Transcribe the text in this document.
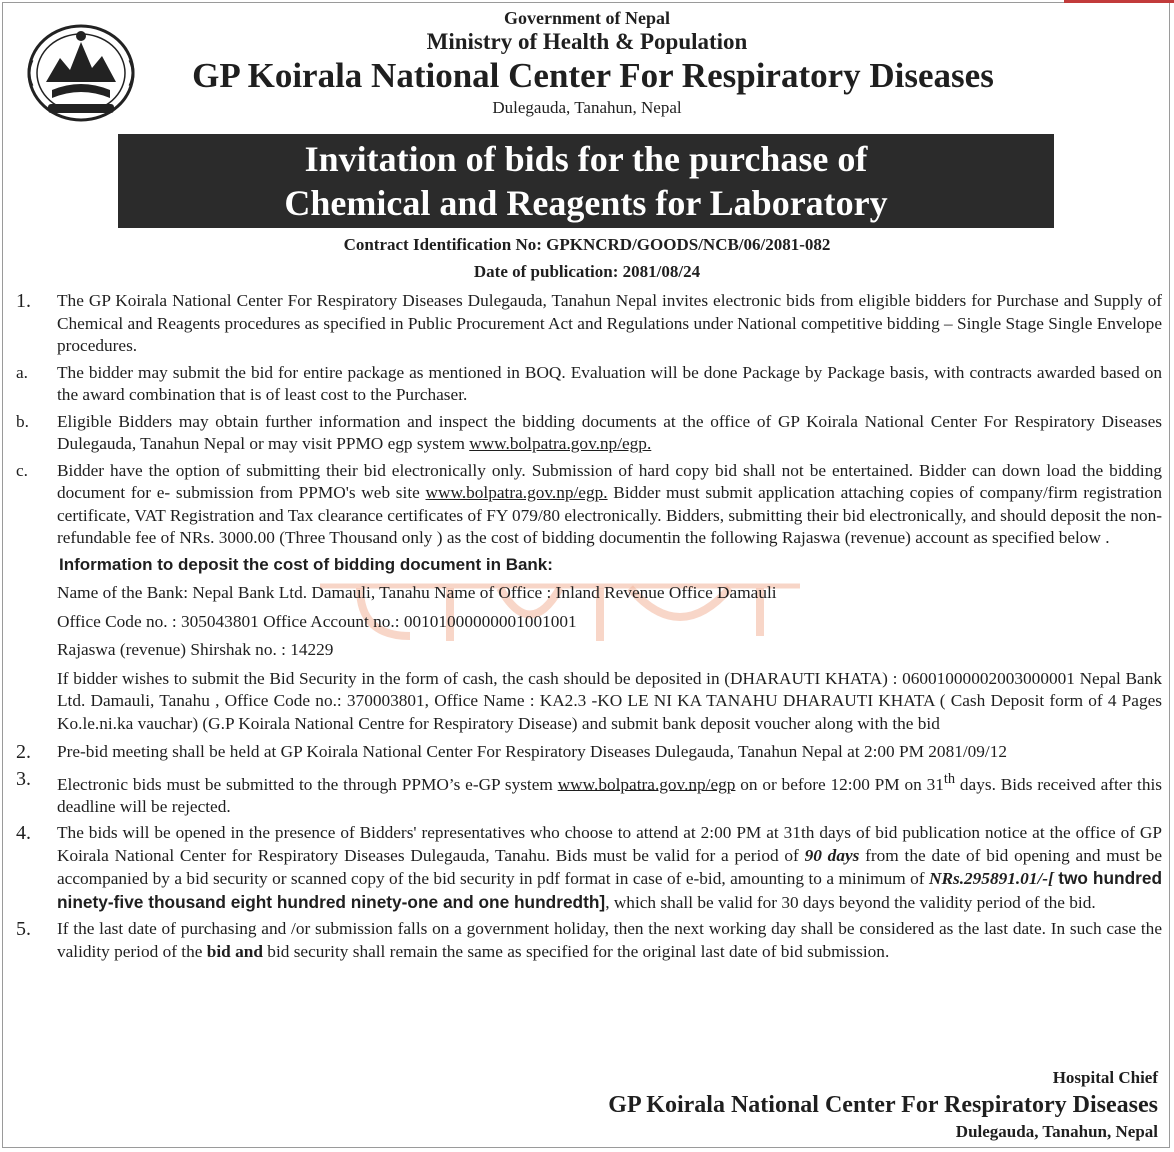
Government of Nepal
Ministry of Health & Population
GP Koirala National Center For Respiratory Diseases
Dulegauda, Tanahun, Nepal
Invitation of bids for the purchase of
Chemical and Reagents for Laboratory
Contract Identification No: GPKNCRD/GOODS/NCB/06/2081-082
Date of publication: 2081/08/24
1.	The GP Koirala National Center For Respiratory Diseases Dulegauda, Tanahun Nepal invites electronic bids from eligible bidders for Purchase and Supply of Chemical and Reagents procedures as specified in Public Procurement Act and Regulations under National competitive bidding – Single Stage Single Envelope procedures.
a.	The bidder may submit the bid for entire package as mentioned in BOQ. Evaluation will be done Package by Package basis, with contracts awarded based on the award combination that is of least cost to the Purchaser.
b.	Eligible Bidders may obtain further information and inspect the bidding documents at the office of GP Koirala National Center For Respiratory Diseases Dulegauda, Tanahun Nepal or may visit PPMO egp system www.bolpatra.gov.np/egp.
c.	Bidder have the option of submitting their bid electronically only. Submission of hard copy bid shall not be entertained. Bidder can down load the bidding document for e- submission from PPMO's web site www.bolpatra.gov.np/egp. Bidder must submit application attaching copies of company/firm registration certificate, VAT Registration and Tax clearance certificates of FY 079/80 electronically. Bidders, submitting their bid electronically, and should deposit the non- refundable fee of NRs. 3000.00 (Three Thousand only ) as the cost of bidding documentin the following Rajaswa (revenue) account as specified below .
Information to deposit the cost of bidding document in Bank:
Name of the Bank: Nepal Bank Ltd. Damauli, Tanahu Name of Office : Inland Revenue Office Damauli
Office Code no. : 305043801 Office Account no.: 00101000000001001001
Rajaswa (revenue) Shirshak no. : 14229
If bidder wishes to submit the Bid Security in the form of cash, the cash should be deposited in (DHARAUTI KHATA) : 06001000002003000001 Nepal Bank Ltd. Damauli, Tanahu , Office Code no.: 370003801, Office Name : KA2.3 -KO LE NI KA TANAHU DHARAUTI KHATA ( Cash Deposit form of 4 Pages Ko.le.ni.ka vauchar) (G.P Koirala National Centre for Respiratory Disease) and submit bank deposit voucher along with the bid
2.	Pre-bid meeting shall be held at GP Koirala National Center For Respiratory Diseases Dulegauda, Tanahun Nepal at 2:00 PM 2081/09/12
3.	Electronic bids must be submitted to the through PPMO’s e-GP system www.bolpatra.gov.np/egp on or before 12:00 PM on 31th days. Bids received after this deadline will be rejected.
4.	The bids will be opened in the presence of Bidders' representatives who choose to attend at 2:00 PM at 31th days of bid publication notice at the office of GP Koirala National Center for Respiratory Diseases Dulegauda, Tanahu. Bids must be valid for a period of 90 days from the date of bid opening and must be accompanied by a bid security or scanned copy of the bid security in pdf format in case of e-bid, amounting to a minimum of NRs.295891.01/-[ two hundred ninety-five thousand eight hundred ninety-one and one hundredth], which shall be valid for 30 days beyond the validity period of the bid.
5.	If the last date of purchasing and /or submission falls on a government holiday, then the next working day shall be considered as the last date. In such case the validity period of the bid and bid security shall remain the same as specified for the original last date of bid submission.
Hospital Chief
GP Koirala National Center For Respiratory Diseases
Dulegauda, Tanahun, Nepal
